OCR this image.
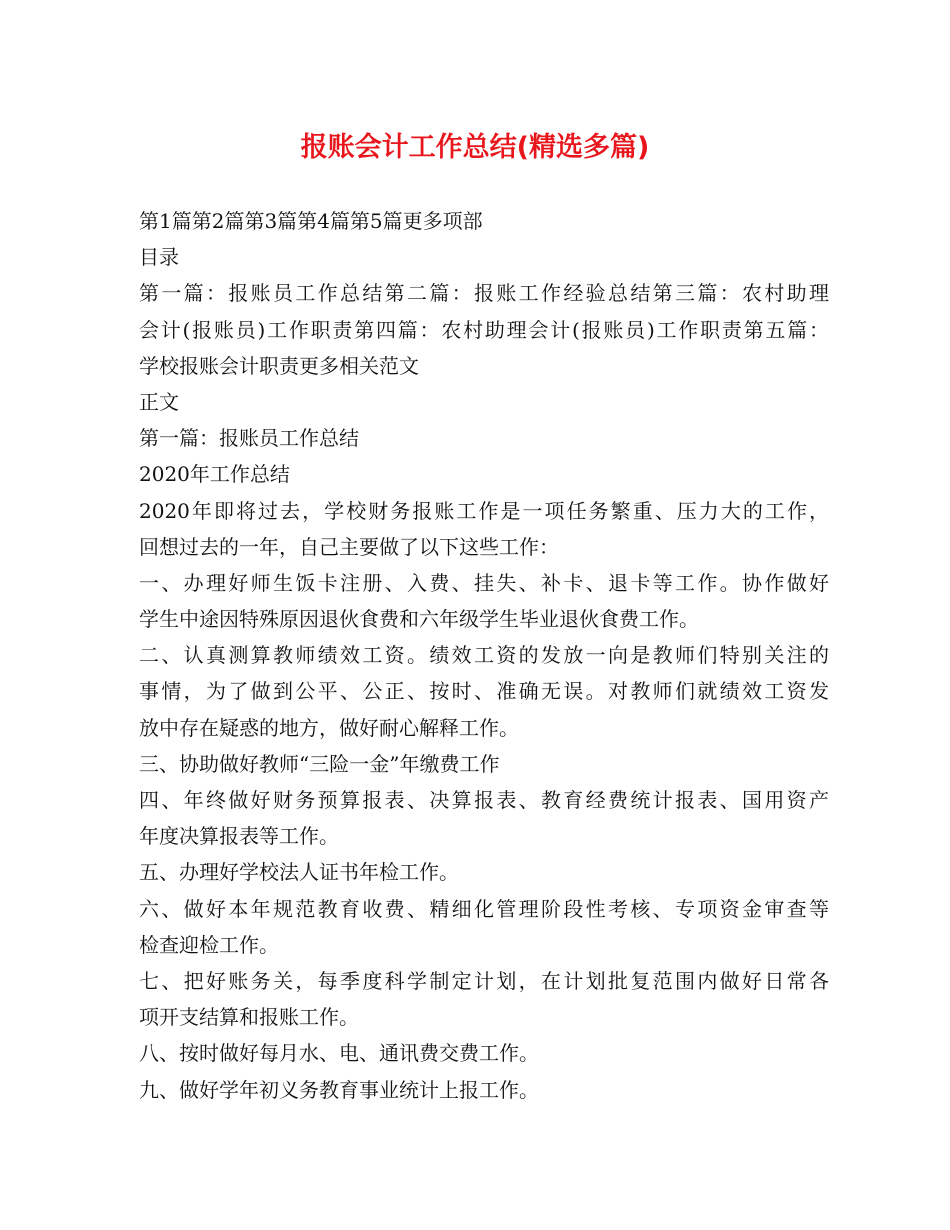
报账会计工作总结(精选多篇)

第1篇第2篇第3篇第4篇第5篇更多项部

目录

第一篇：报账员工作总结第二篇：报账工作经验总结第三篇：农村助理

会计(报账员)工作职责第四篇：农村助理会计(报账员)工作职责第五篇：

学校报账会计职责更多相关范文

正文

第一篇：报账员工作总结

2020年工作总结

2020年即将过去，学校财务报账工作是一项任务繁重、压力大的工作，

回想过去的一年，自己主要做了以下这些工作：

一、办理好师生饭卡注册、入费、挂失、补卡、退卡等工作。协作做好

学生中途因特殊原因退伙食费和六年级学生毕业退伙食费工作。

二、认真测算教师绩效工资。绩效工资的发放一向是教师们特别关注的

事情，为了做到公平、公正、按时、准确无误。对教师们就绩效工资发

放中存在疑惑的地方，做好耐心解释工作。

三、协助做好教师“三险一金”年缴费工作

四、年终做好财务预算报表、决算报表、教育经费统计报表、国用资产

年度决算报表等工作。

五、办理好学校法人证书年检工作。

六、做好本年规范教育收费、精细化管理阶段性考核、专项资金审查等

检查迎检工作。

七、把好账务关，每季度科学制定计划，在计划批复范围内做好日常各

项开支结算和报账工作。

八、按时做好每月水、电、通讯费交费工作。

九、做好学年初义务教育事业统计上报工作。
